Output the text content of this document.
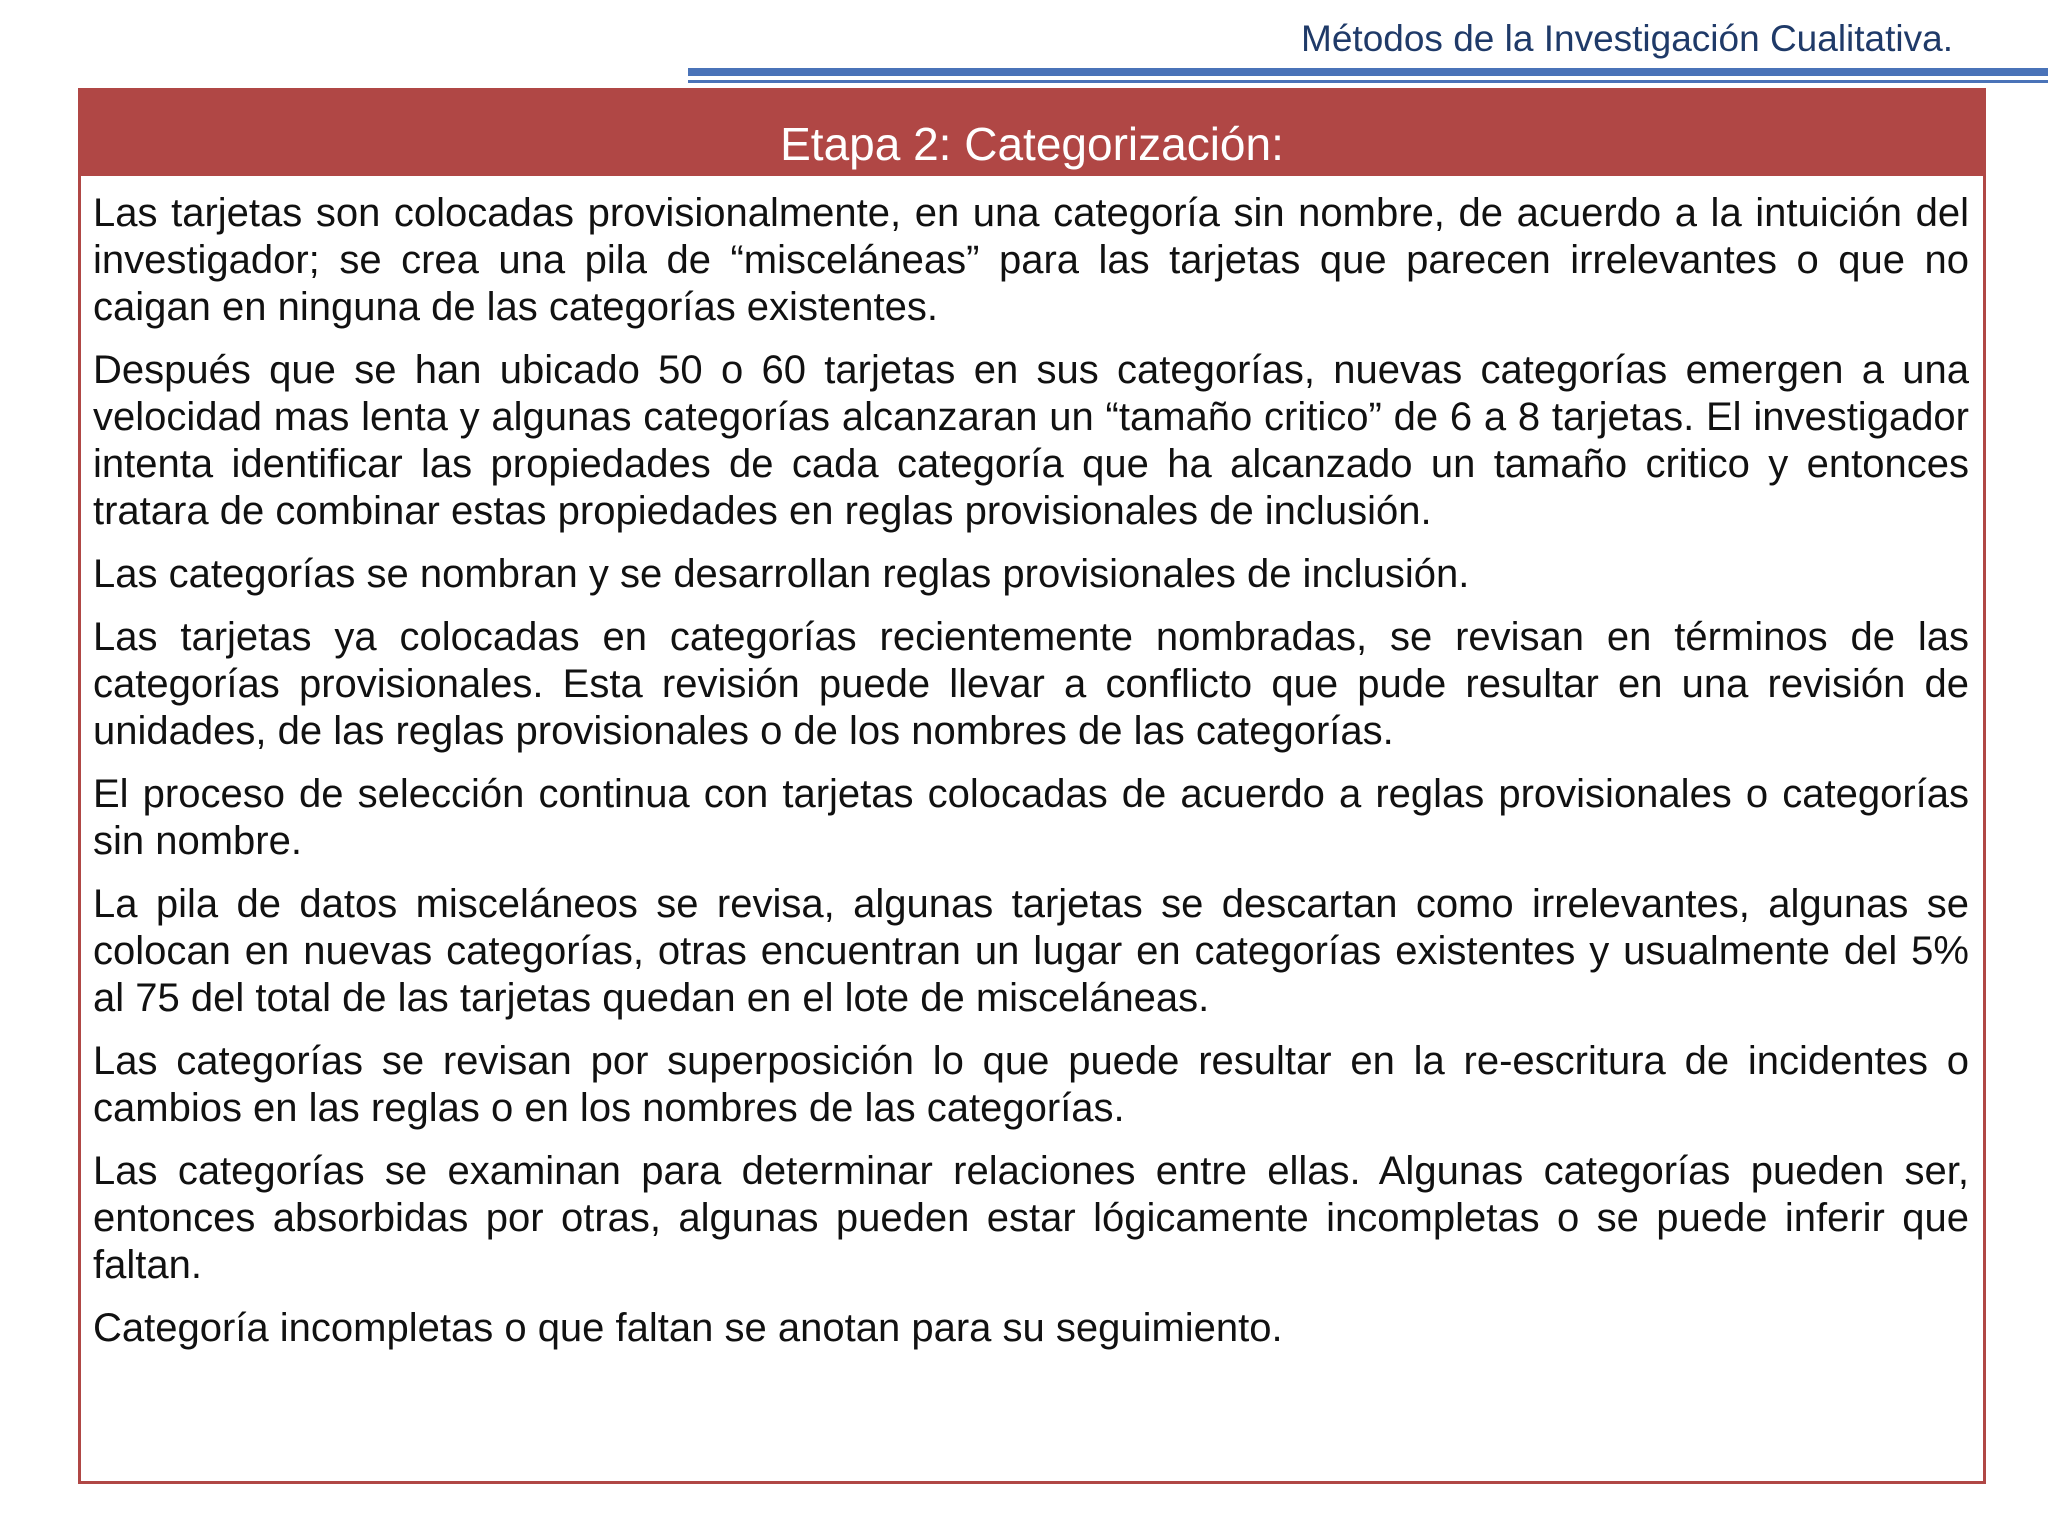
Métodos de la Investigación Cualitativa.
Etapa 2: Categorización:

Las tarjetas son colocadas provisionalmente, en una categoría sin nombre, de acuerdo a la intuición del investigador; se crea una pila de “misceláneas” para las tarjetas que parecen irrelevantes o que no caigan en ninguna de las categorías existentes.

Después que se han ubicado 50 o 60 tarjetas en sus categorías, nuevas categorías emergen a una velocidad mas lenta y algunas categorías alcanzaran un “tamaño critico” de 6 a 8 tarjetas. El investigador intenta identificar las propiedades de cada categoría que ha alcanzado un tamaño critico y entonces tratara de combinar estas propiedades en reglas provisionales de inclusión.

Las categorías se nombran y se desarrollan reglas provisionales de inclusión.

Las tarjetas ya colocadas en categorías recientemente nombradas, se revisan en términos de las categorías provisionales. Esta revisión puede llevar a conflicto que pude resultar en una revisión de unidades, de las reglas provisionales o de los nombres de las categorías.

El proceso de selección continua con tarjetas colocadas de acuerdo a reglas provisionales o categorías sin nombre.

La pila de datos misceláneos se revisa, algunas tarjetas se descartan como irrelevantes, algunas se colocan en nuevas categorías, otras encuentran un lugar en categorías existentes y usualmente del 5% al 75 del total de las tarjetas quedan en el lote de misceláneas.

Las categorías se revisan por superposición lo que puede resultar en la re-escritura de incidentes o cambios en las reglas o en los nombres de las categorías.

Las categorías se examinan para determinar relaciones entre ellas. Algunas categorías pueden ser, entonces absorbidas por otras, algunas pueden estar lógicamente incompletas o se puede inferir que faltan.

Categoría incompletas o que faltan se anotan para su seguimiento.
